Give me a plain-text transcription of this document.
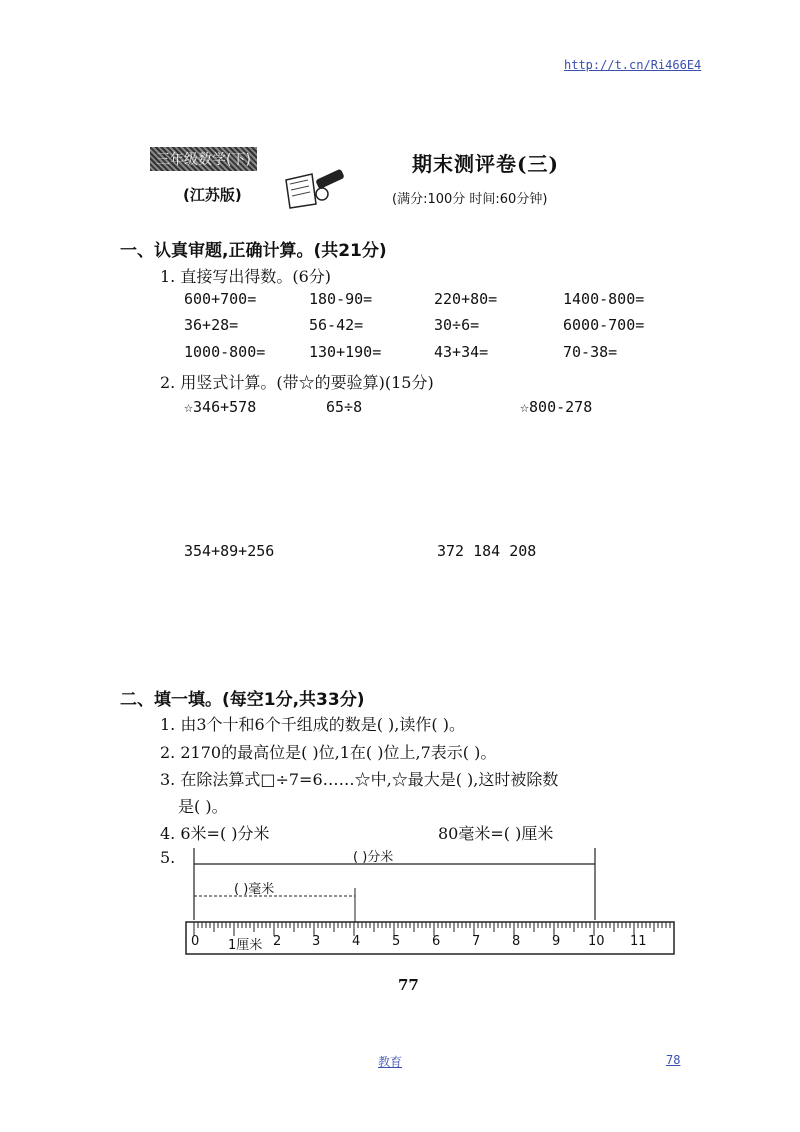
http://t.cn/Ri466E4
三年级数学(下)
(江苏版)
期末测评卷(三)
(满分:100分 时间:60分钟)
一、认真审题,正确计算。(共21分)
1. 直接写出得数。(6分)
600+700=	180-90=	220+80=	1400-800=
36+28=	56-42=	30÷6=	6000-700=
1000-800=	130+190=	43+34=	70-38=
2. 用竖式计算。(带☆的要验算)(15分)
☆346+578	65÷8	☆800-278
354+89+256	372 184 208
二、填一填。(每空1分,共33分)
1. 由3个十和6个千组成的数是( ),读作( )。
2. 2170的最高位是( )位,1在( )位上,7表示( )。
3. 在除法算式□÷7=6……☆中,☆最大是( ),这时被除数
是( )。
4. 6米=( )分米	80毫米=( )厘米
5.	( )分米
( )毫米
0 1厘米 2 3 4 5 6 7 8 9 10 11
77
教育	78
